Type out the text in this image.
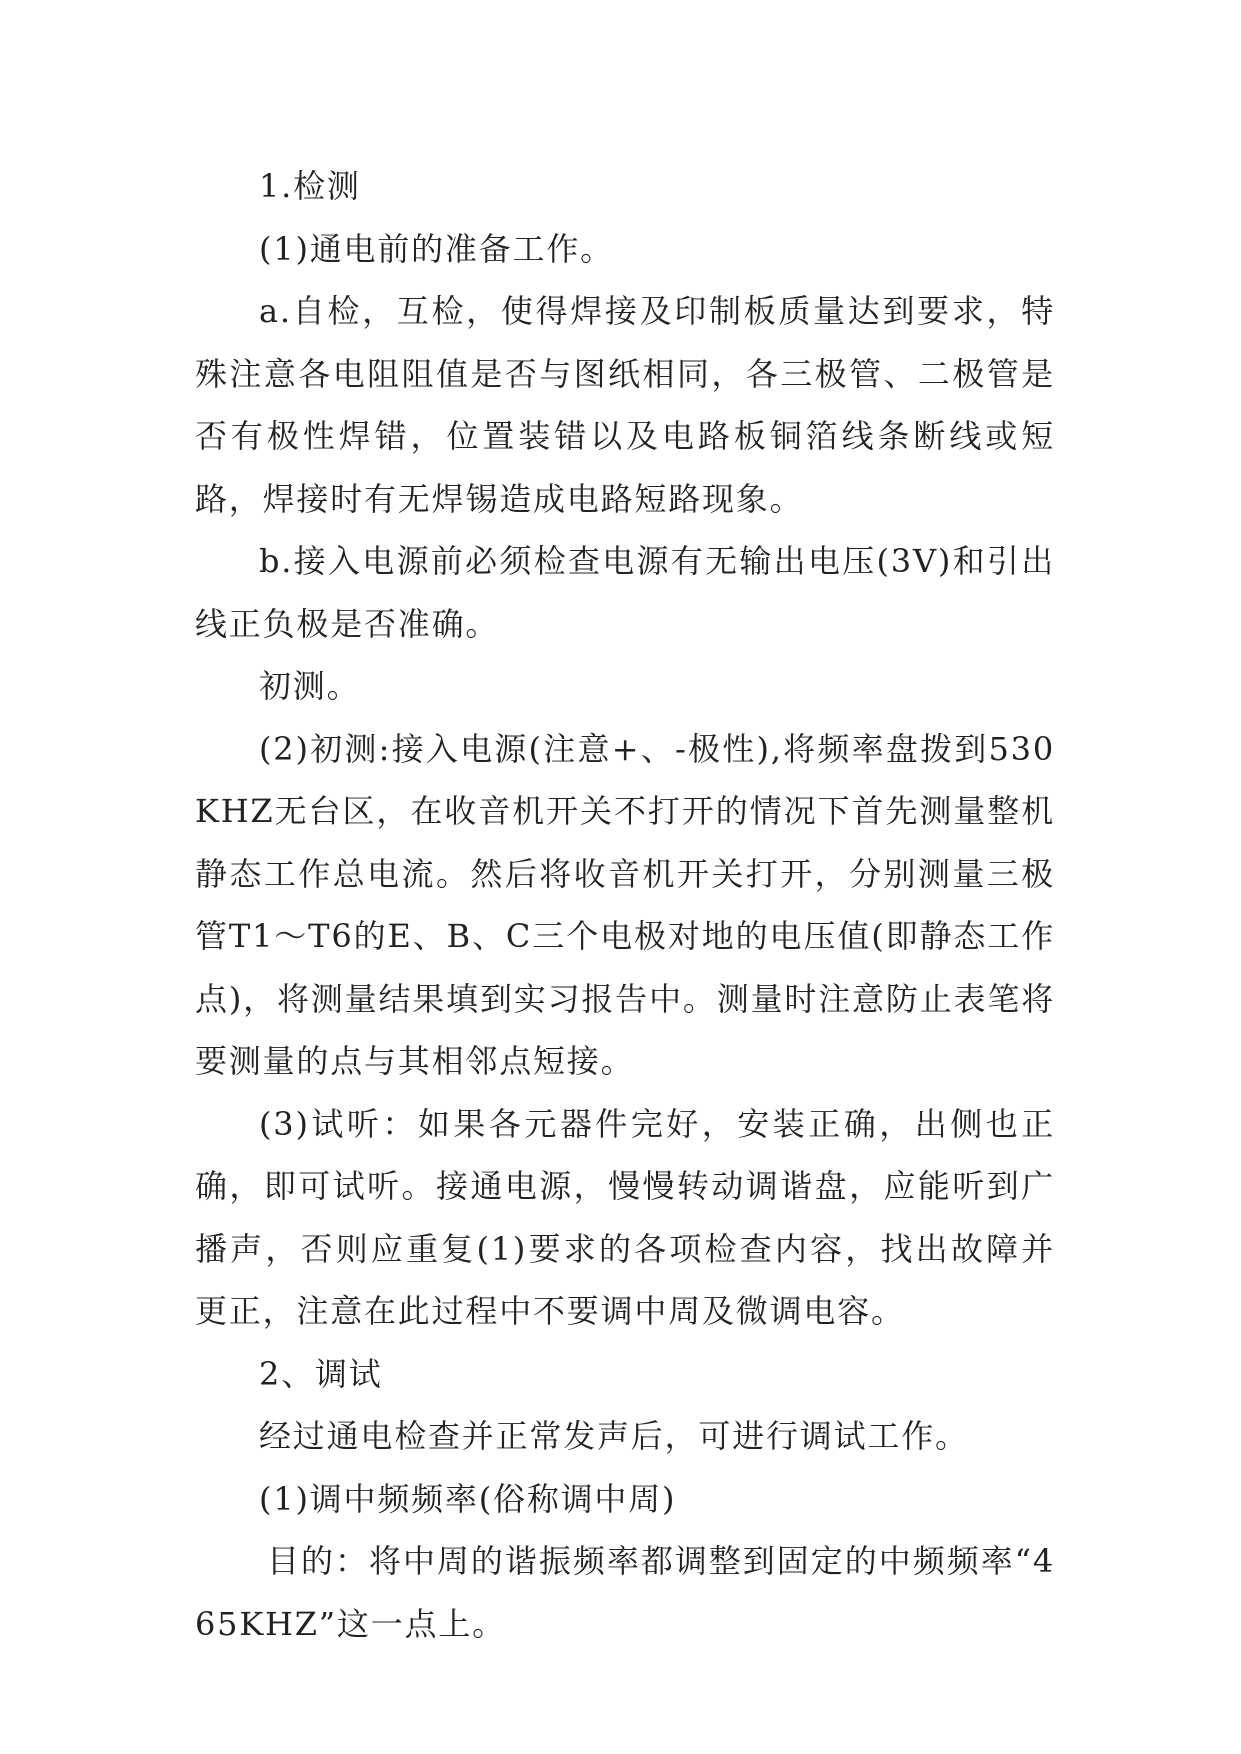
1.检测

(1)通电前的准备工作。

a.自检，互检，使得焊接及印制板质量达到要求，特殊注意各电阻阻值是否与图纸相同，各三极管、二极管是否有极性焊错，位置装错以及电路板铜箔线条断线或短路，焊接时有无焊锡造成电路短路现象。

b.接入电源前必须检查电源有无输出电压(3V)和引出线正负极是否准确。

初测。

(2)初测:接入电源(注意+、-极性),将频率盘拨到530KHZ无台区，在收音机开关不打开的情况下首先测量整机静态工作总电流。然后将收音机开关打开，分别测量三极管T1～T6的E、B、C三个电极对地的电压值(即静态工作点)，将测量结果填到实习报告中。测量时注意防止表笔将要测量的点与其相邻点短接。

(3)试听：如果各元器件完好，安装正确，出侧也正确，即可试听。接通电源，慢慢转动调谐盘，应能听到广播声，否则应重复(1)要求的各项检查内容，找出故障并更正，注意在此过程中不要调中周及微调电容。

2、调试

经过通电检查并正常发声后，可进行调试工作。

(1)调中频频率(俗称调中周)

目的：将中周的谐振频率都调整到固定的中频频率“465KHZ”这一点上。
